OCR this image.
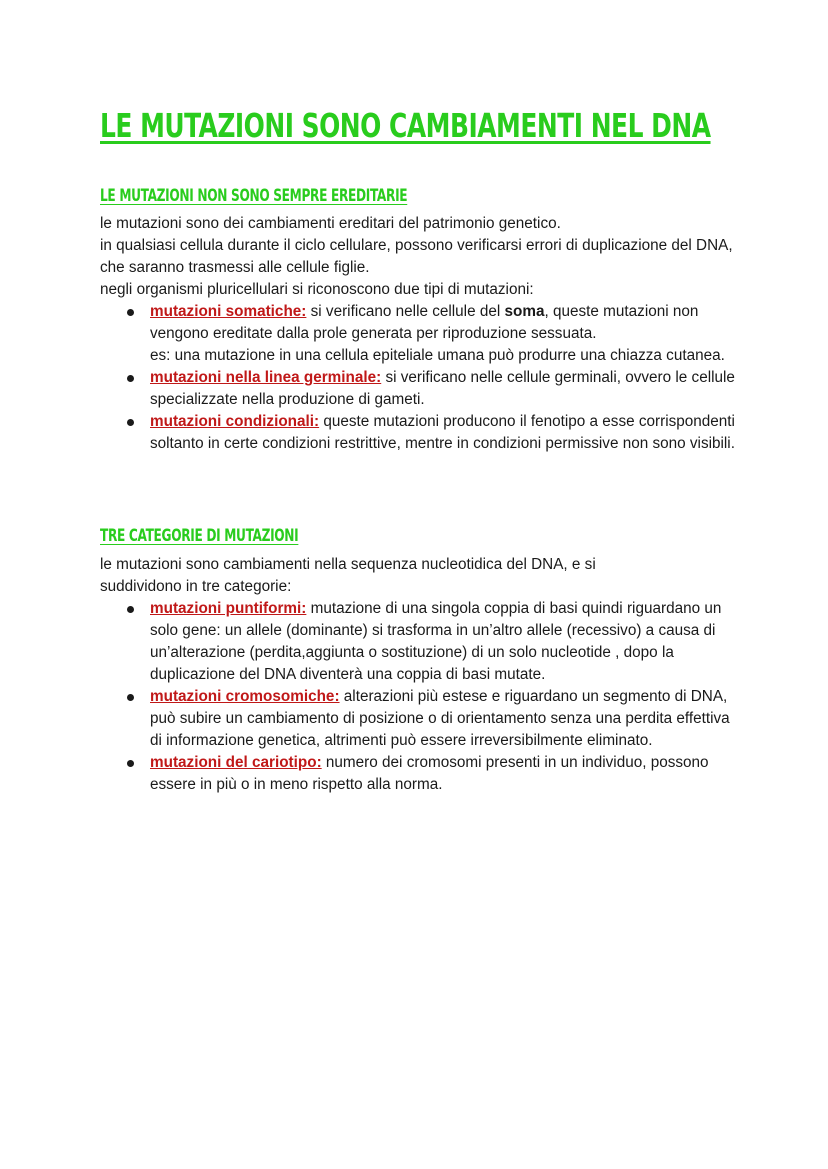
LE MUTAZIONI SONO CAMBIAMENTI NEL DNA
LE MUTAZIONI NON SONO SEMPRE EREDITARIE

le mutazioni sono dei cambiamenti ereditari del patrimonio genetico.

in qualsiasi cellula durante il ciclo cellulare, possono verificarsi errori di duplicazione del DNA, che saranno trasmessi alle cellule figlie.

negli organismi pluricellulari si riconoscono due tipi di mutazioni:

mutazioni somatiche: si verificano nelle cellule del soma, queste mutazioni non vengono ereditate dalla prole generata per riproduzione sessuata.
es: una mutazione in una cellula epiteliale umana può produrre una chiazza cutanea.
mutazioni nella linea germinale: si verificano nelle cellule germinali, ovvero le cellule specializzate nella produzione di gameti.
mutazioni condizionali: queste mutazioni producono il fenotipo a esse corrispondenti soltanto in certe condizioni restrittive, mentre in condizioni permissive non sono visibili.
TRE CATEGORIE DI MUTAZIONI

le mutazioni sono cambiamenti nella sequenza nucleotidica del DNA, e si suddividono in tre categorie:

mutazioni puntiformi: mutazione di una singola coppia di basi quindi riguardano un solo gene: un allele (dominante) si trasforma in un’altro allele (recessivo) a causa di un’alterazione (perdita,aggiunta o sostituzione) di un solo nucleotide , dopo la duplicazione del DNA diventerà una coppia di basi mutate.
mutazioni cromosomiche: alterazioni più estese e riguardano un segmento di DNA, può subire un cambiamento di posizione o di orientamento senza una perdita effettiva di informazione genetica, altrimenti può essere irreversibilmente eliminato.
mutazioni del cariotipo: numero dei cromosomi presenti in un individuo, possono essere in più o in meno rispetto alla norma.
